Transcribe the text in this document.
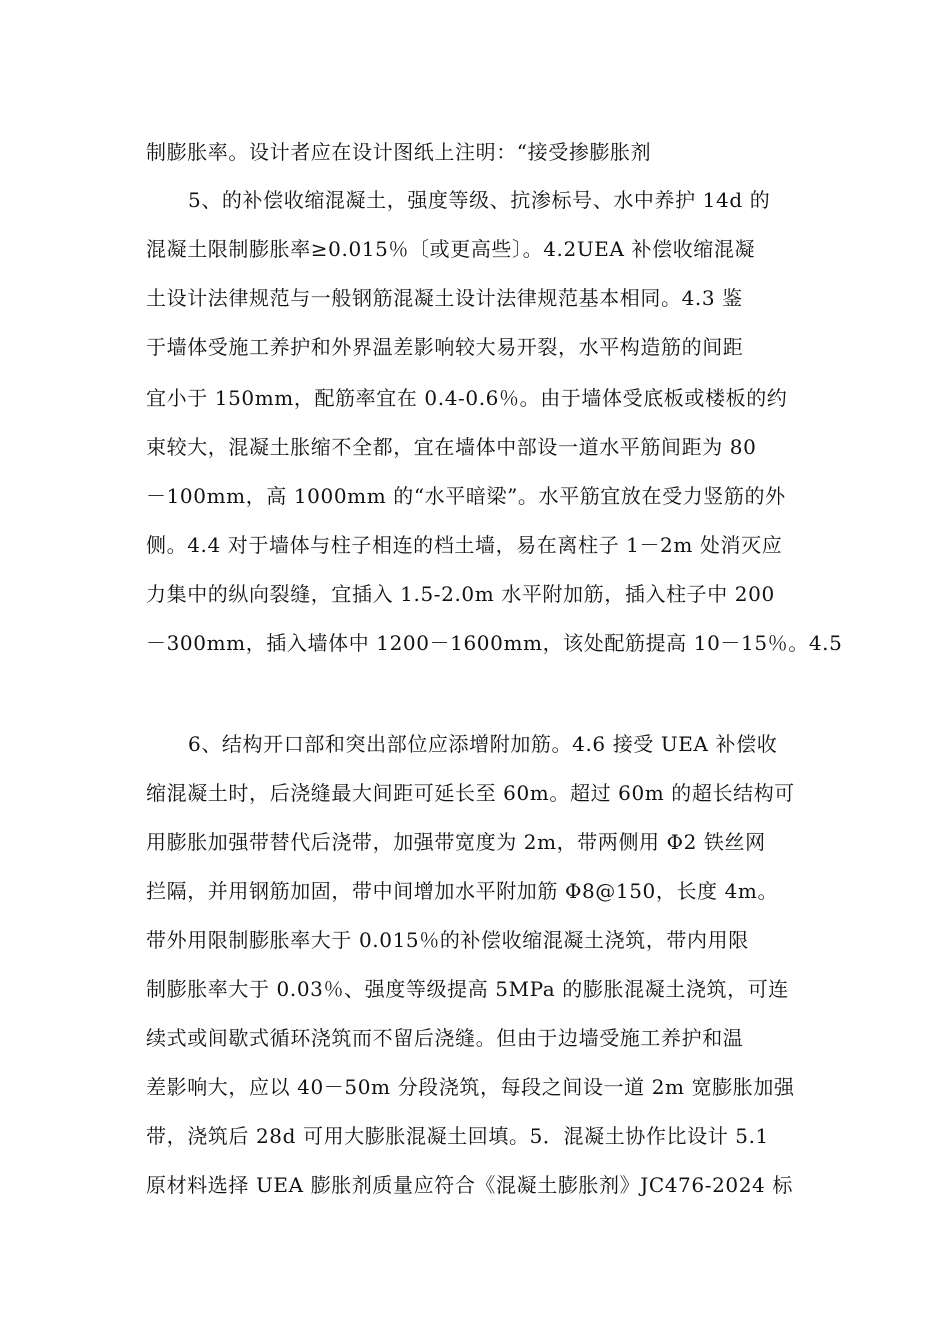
制膨胀率。设计者应在设计图纸上注明：“接受掺膨胀剂
5、的补偿收缩混凝土，强度等级、抗渗标号、水中养护 14d 的
混凝土限制膨胀率≥0.015％〔或更高些〕。4.2UEA 补偿收缩混凝
土设计法律规范与一般钢筋混凝土设计法律规范基本相同。4.3 鉴
于墙体受施工养护和外界温差影响较大易开裂，水平构造筋的间距
宜小于 150mm，配筋率宜在 0.4-0.6％。由于墙体受底板或楼板的约
束较大，混凝土胀缩不全都，宜在墙体中部设一道水平筋间距为 80
－100mm，高 1000mm 的“水平暗梁”。水平筋宜放在受力竖筋的外
侧。4.4 对于墙体与柱子相连的档土墙，易在离柱子 1－2m 处消灭应
力集中的纵向裂缝，宜插入 1.5-2.0m 水平附加筋，插入柱子中 200
－300mm，插入墙体中 1200－1600mm，该处配筋提高 10－15％。4.5
6、结构开口部和突出部位应添增附加筋。4.6 接受 UEA 补偿收
缩混凝土时，后浇缝最大间距可延长至 60m。超过 60m 的超长结构可
用膨胀加强带替代后浇带，加强带宽度为 2m，带两侧用 Φ2 铁丝网
拦隔，并用钢筋加固，带中间增加水平附加筋 Φ8@150，长度 4m。
带外用限制膨胀率大于 0.015％的补偿收缩混凝土浇筑，带内用限
制膨胀率大于 0.03％、强度等级提高 5MPa 的膨胀混凝土浇筑，可连
续式或间歇式循环浇筑而不留后浇缝。但由于边墙受施工养护和温
差影响大，应以 40－50m 分段浇筑，每段之间设一道 2m 宽膨胀加强
带，浇筑后 28d 可用大膨胀混凝土回填。5．混凝土协作比设计 5.1
原材料选择 UEA 膨胀剂质量应符合《混凝土膨胀剂》JC476-2024 标
